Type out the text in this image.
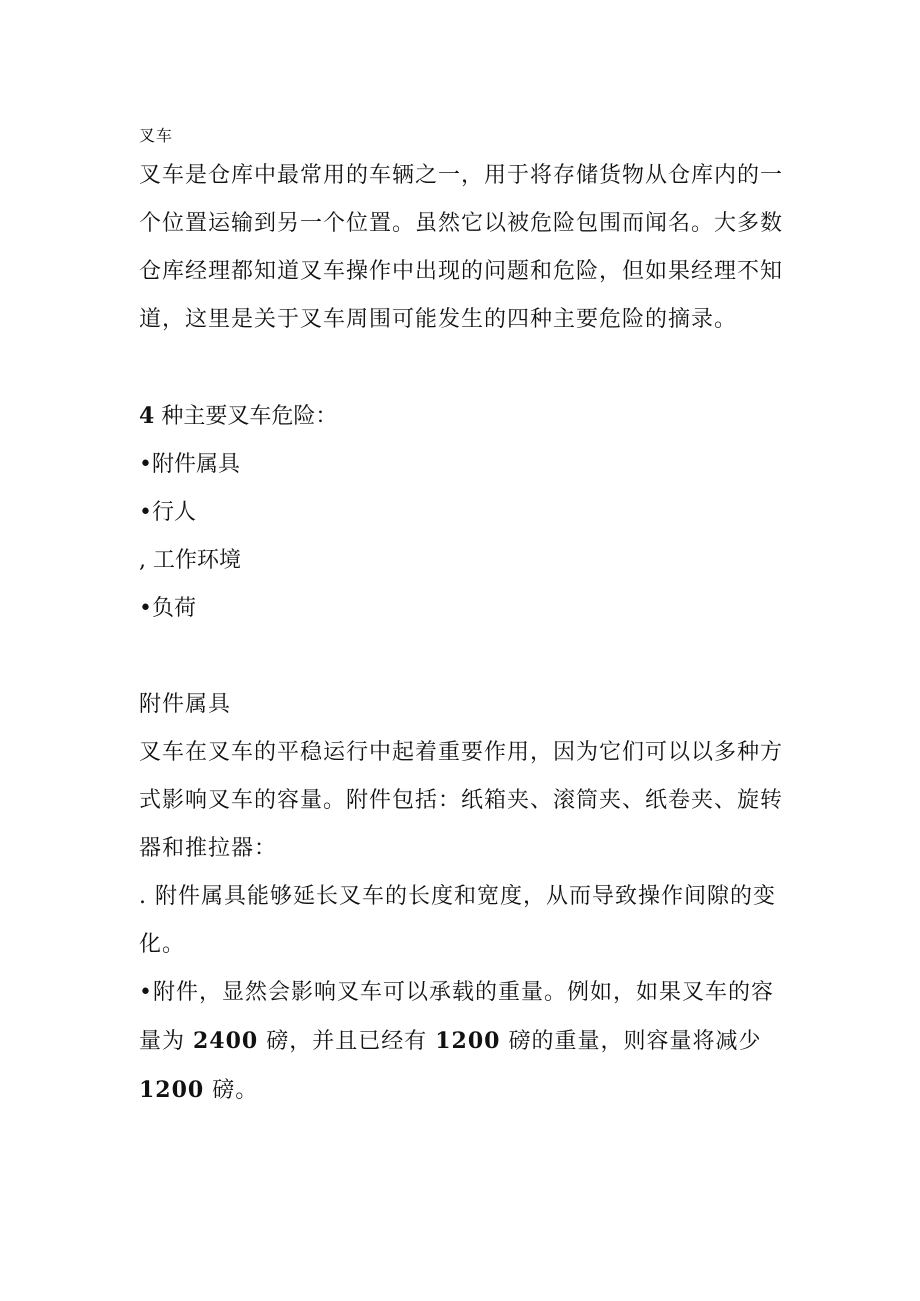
叉车

叉车是仓库中最常用的车辆之一，用于将存储货物从仓库内的一个位置运输到另一个位置。虽然它以被危险包围而闻名。大多数仓库经理都知道叉车操作中出现的问题和危险，但如果经理不知道，这里是关于叉车周围可能发生的四种主要危险的摘录。

4 种主要叉车危险：

•附件属具

•行人

, 工作环境

•负荷

附件属具

叉车在叉车的平稳运行中起着重要作用，因为它们可以以多种方式影响叉车的容量。附件包括：纸箱夹、滚筒夹、纸卷夹、旋转器和推拉器：

. 附件属具能够延长叉车的长度和宽度，从而导致操作间隙的变化。

•附件，显然会影响叉车可以承载的重量。例如，如果叉车的容量为 2400 磅，并且已经有 1200 磅的重量，则容量将减少 1200 磅。
